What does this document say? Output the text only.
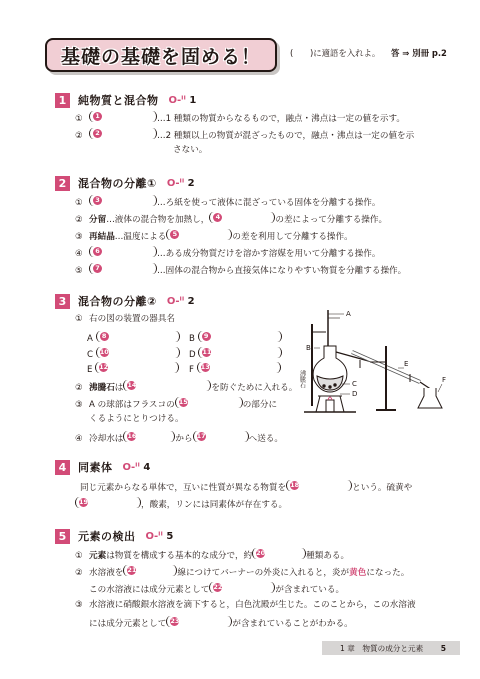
基礎の基礎を固める！	(　　)に適語を入れよ。 答 ⇒ 別冊 p.2
1	純物質と混合物 O‑ᐦ 1
①	1	…1 種類の物質からなるもので，融点・沸点は一定の値を示す。
②	2	…2 種類以上の物質が混ざったもので，融点・沸点は一定の値を示
さない。
2	混合物の分離① O‑ᐦ 2
①	3	…ろ紙を使って液体に混ざっている固体を分離する操作。
② 分留…液体の混合物を加熱し， 4	の差によって分離する操作。
③ 再結晶…温度による 5	の差を利用して分離する操作。
④	6	…ある成分物質だけを溶かす溶媒を用いて分離する操作。
⑤	7	…固体の混合物から直接気体になりやすい物質を分離する操作。
3	混合物の分離② O‑ᐦ 2
① 右の図の装置の器具名
A	8	B	9
C 10	D 11
E 12	F 13
② 沸騰石は 14	を防ぐために入れる。
③ A の球部はフラスコの 15	の部分に
くるようにとりつける。
④ 冷却水は 16	から 17	へ送る。
A
B
C
D
E
F
沸騰石
4	同素体 O‑ᐦ 4
同じ元素からなる単体で，互いに性質が異なる物質を 18	という。硫黄や
19	，酸素，リンには同素体が存在する。
5	元素の検出 O‑ᐦ 5
① 元素は物質を構成する基本的な成分で，約 20	種類ある。
② 水溶液を 21	線につけてバーナーの外炎に入れると，炎が黄色になった。
この水溶液には成分元素として 22	が含まれている。
③ 水溶液に硝酸銀水溶液を滴下すると，白色沈殿が生じた。このことから，この水溶液
には成分元素として 23	が含まれていることがわかる。
1 章　物質の成分と元素 5
